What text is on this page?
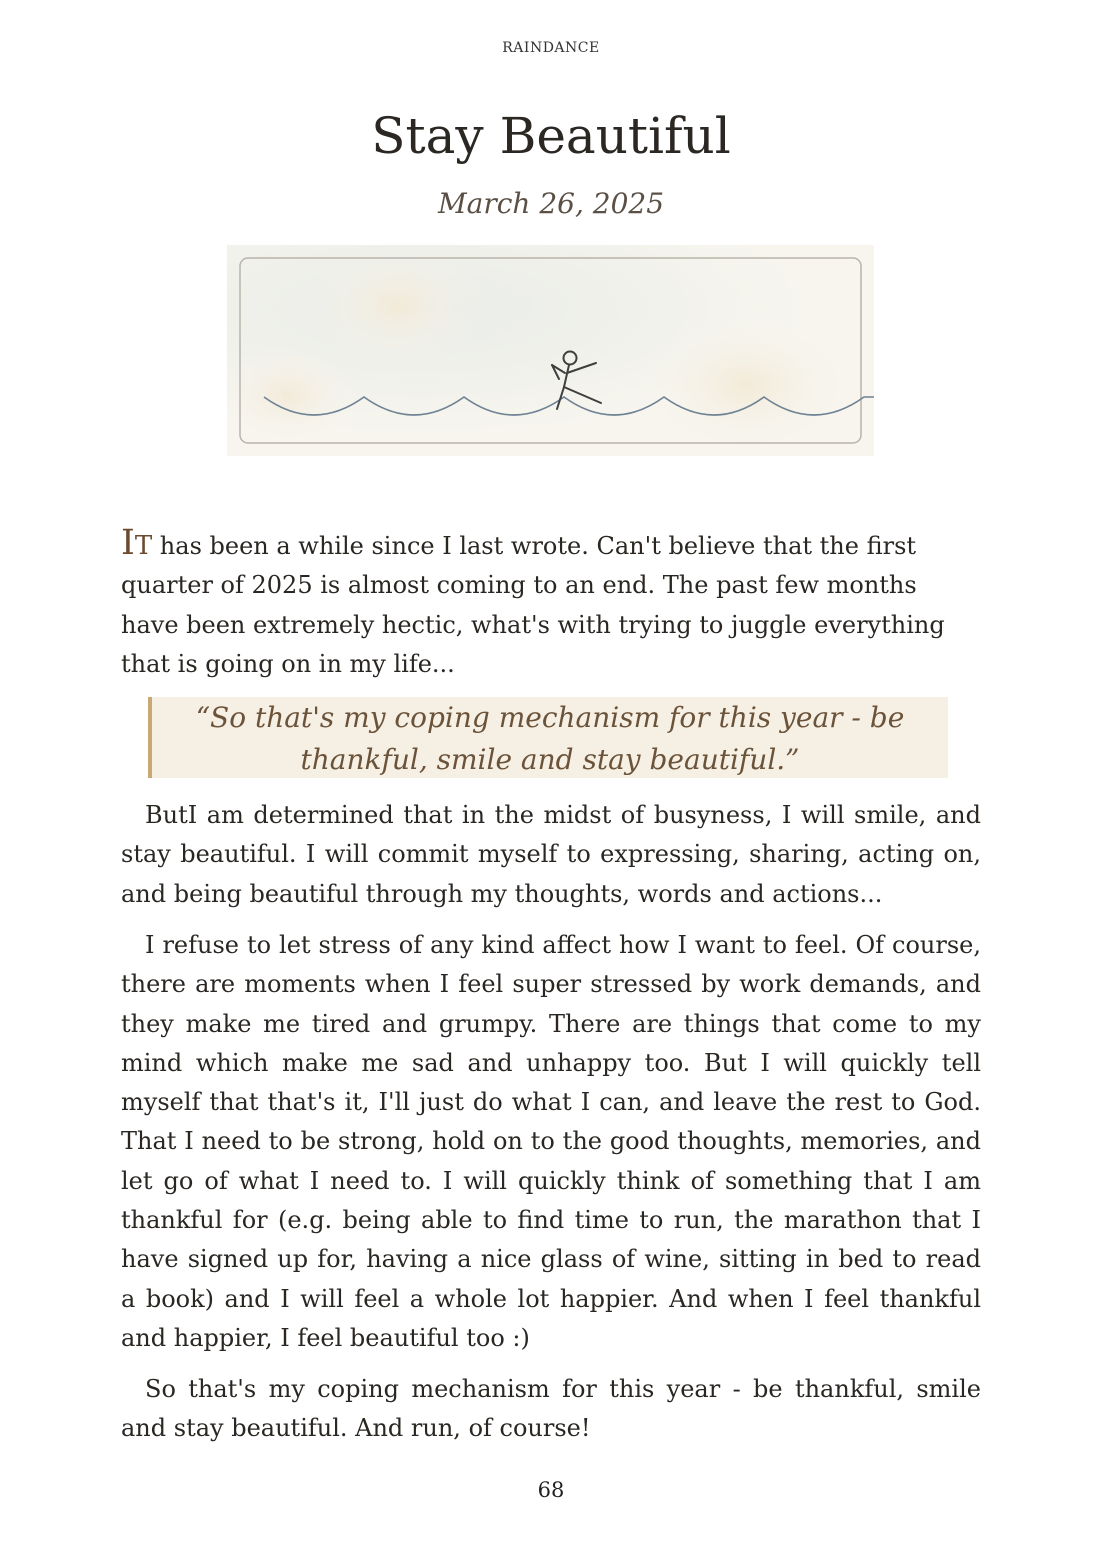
RAINDANCE
Stay Beautiful
March 26, 2025

IT has been a while since I last wrote. Can't believe that the first quarter of 2025 is almost coming to an end. The past few months have been extremely hectic, what's with trying to juggle everything that is going on in my life...

“So that's my coping mechanism for this year - be thankful, smile and stay beautiful.”

ButI am determined that in the midst of busyness, I will smile, and stay beautiful. I will commit myself to expressing, sharing, acting on, and being beautiful through my thoughts, words and actions...

I refuse to let stress of any kind affect how I want to feel. Of course, there are moments when I feel super stressed by work demands, and they make me tired and grumpy. There are things that come to my mind which make me sad and unhappy too. But I will quickly tell myself that that's it, I'll just do what I can, and leave the rest to God. That I need to be strong, hold on to the good thoughts, memories, and let go of what I need to. I will quickly think of something that I am thankful for (e.g. being able to find time to run, the marathon that I have signed up for, having a nice glass of wine, sitting in bed to read a book) and I will feel a whole lot happier. And when I feel thankful and happier, I feel beautiful too :)

So that's my coping mechanism for this year - be thankful, smile and stay beautiful. And run, of course!

68
